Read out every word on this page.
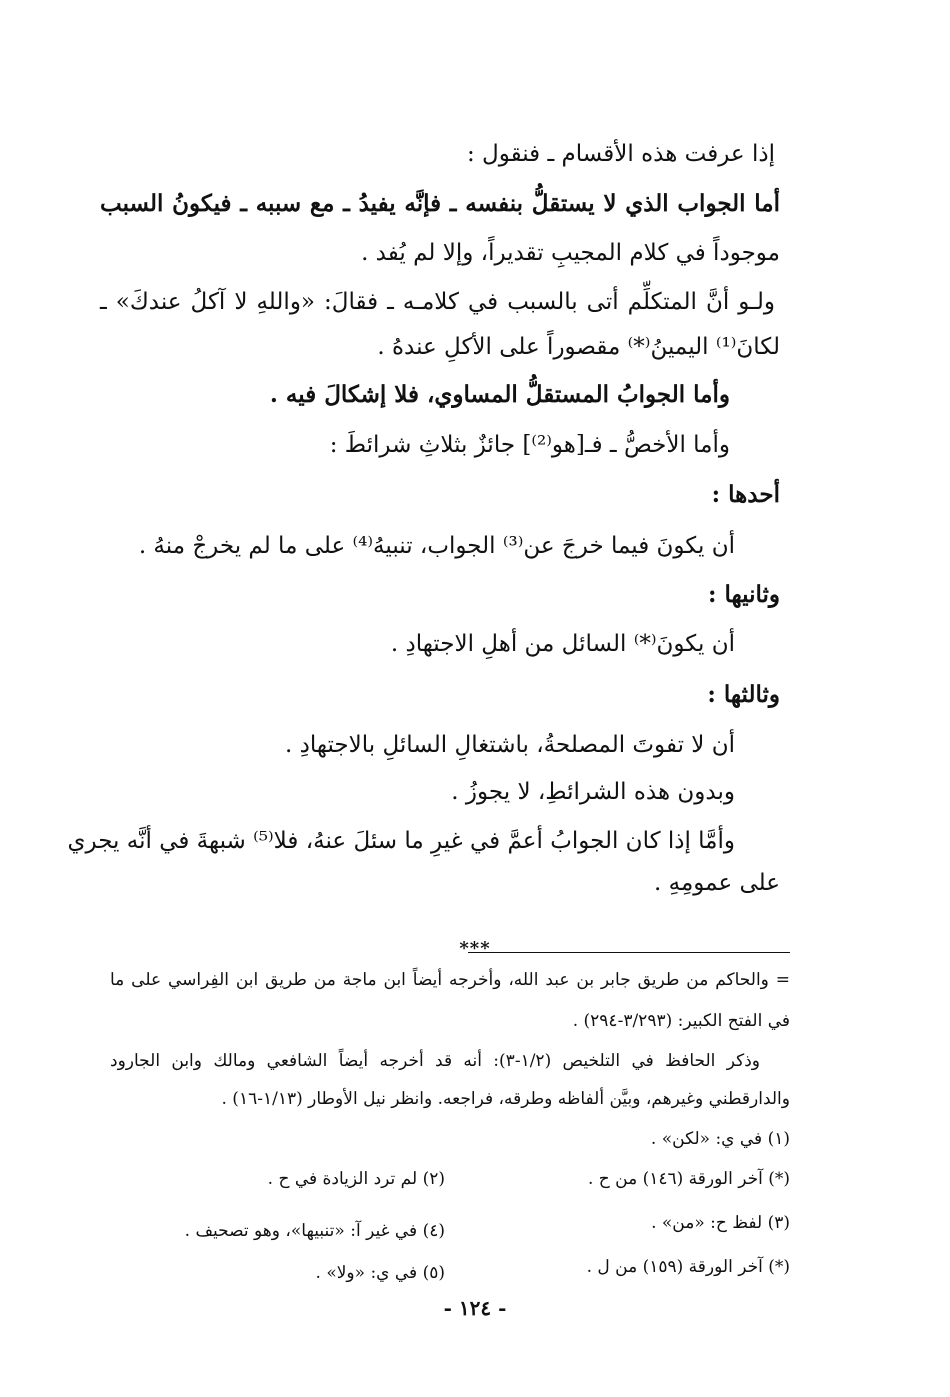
إذا عرفت هذه الأقسام ـ فنقول :
أما الجواب الذي لا يستقلُّ بنفسه ـ فإنَّه يفيدُ ـ مع سببه ـ فيكونُ السبب
موجوداً في كلام المجيبِ تقديراً، وإلا لم يُفد .
ولـو أنَّ المتكلِّم أتى بالسبب في كلامـه ـ فقالَ: «واللهِ لا آكلُ عندكَ» ـ
لكانَ⁽¹⁾ اليمينُ⁽*⁾ مقصوراً على الأكلِ عندهُ .
وأما الجوابُ المستقلُّ المساوي، فلا إشكالَ فيه .
وأما الأخصُّ ـ فـ[هو⁽²⁾] جائزٌ بثلاثِ شرائطَ :
أحدها :
أن يكونَ فيما خرجَ عن⁽³⁾ الجواب، تنبيهُ⁽⁴⁾ على ما لم يخرجْ منهُ .
وثانيها :
أن يكونَ⁽*⁾ السائل من أهلِ الاجتهادِ .
وثالثها :
أن لا تفوتَ المصلحةُ، باشتغالِ السائلِ بالاجتهادِ .
وبدون هذه الشرائطِ، لا يجوزُ .
وأمَّا إذا كان الجوابُ أعمَّ في غيرِ ما سئلَ عنهُ، فلا⁽⁵⁾ شبهةَ في أنَّه يجري
على عمومِهِ .
***
= والحاكم من طريق جابر بن عبد الله، وأخرجه أيضاً ابن ماجة من طريق ابن الفِراسي على ما
في الفتح الكبير: (٣/٢٩٣-٢٩٤) .
وذكر الحافظ في التلخيص (١/٢-٣): أنه قد أخرجه أيضاً الشافعي ومالك وابن الجارود
والدارقطني وغيرهم، وبيَّن ألفاظه وطرقه، فراجعه. وانظر نيل الأوطار (١/١٣-١٦) .
(١) في ي: «لكن» .
(*) آخر الورقة (١٤٦) من ح .
(٢) لم ترد الزيادة في ح .
(٣) لفظ ح: «من» .
(٤) في غير آ: «تنبيها»، وهو تصحيف .
(*) آخر الورقة (١٥٩) من ل .
(٥) في ي: «ولا» .
- ١٢٤ -
